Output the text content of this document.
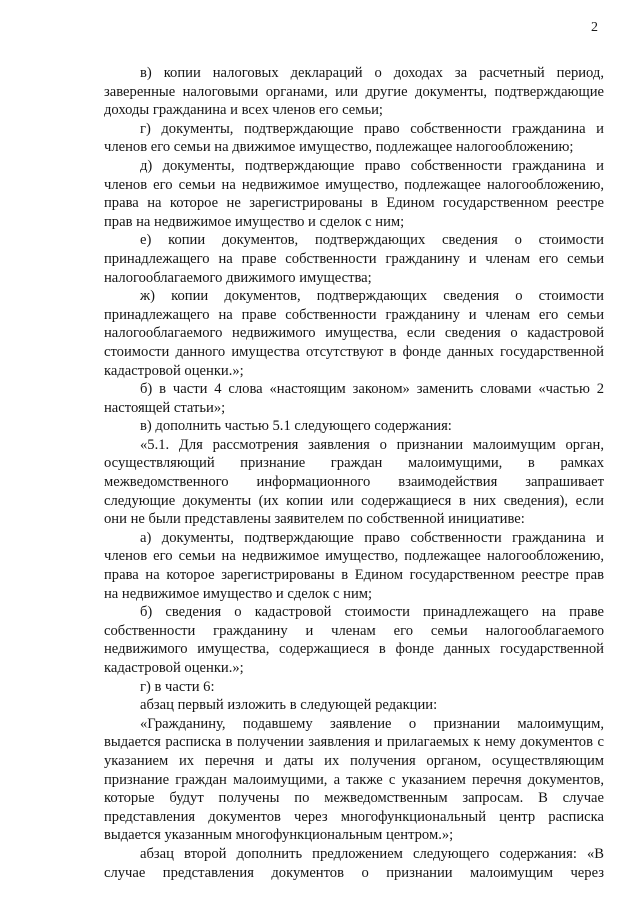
2
в) копии налоговых деклараций о доходах за расчетный период,
заверенные налоговыми органами, или другие документы, подтверждающие
доходы гражданина и всех членов его семьи;
г) документы, подтверждающие право собственности гражданина и
членов его семьи на движимое имущество, подлежащее налогообложению;
д) документы, подтверждающие право собственности гражданина и
членов его семьи на недвижимое имущество, подлежащее налогообложению,
права на которое не зарегистрированы в Едином государственном реестре
прав на недвижимое имущество и сделок с ним;
е) копии документов, подтверждающих сведения о стоимости
принадлежащего на праве собственности гражданину и членам его семьи
налогооблагаемого движимого имущества;
ж) копии документов, подтверждающих сведения о стоимости
принадлежащего на праве собственности гражданину и членам его семьи
налогооблагаемого недвижимого имущества, если сведения о кадастровой
стоимости данного имущества отсутствуют в фонде данных государственной
кадастровой оценки.»;
б) в части 4 слова «настоящим законом» заменить словами «частью 2
настоящей статьи»;
в) дополнить частью 5.1 следующего содержания:
«5.1. Для рассмотрения заявления о признании малоимущим орган,
осуществляющий признание граждан малоимущими, в рамках
межведомственного информационного взаимодействия запрашивает
следующие документы (их копии или содержащиеся в них сведения), если
они не были представлены заявителем по собственной инициативе:
а) документы, подтверждающие право собственности гражданина и
членов его семьи на недвижимое имущество, подлежащее налогообложению,
права на которое зарегистрированы в Едином государственном реестре прав
на недвижимое имущество и сделок с ним;
б) сведения о кадастровой стоимости принадлежащего на праве
собственности гражданину и членам его семьи налогооблагаемого
недвижимого имущества, содержащиеся в фонде данных государственной
кадастровой оценки.»;
г) в части 6:
абзац первый изложить в следующей редакции:
«Гражданину, подавшему заявление о признании малоимущим,
выдается расписка в получении заявления и прилагаемых к нему документов с
указанием их перечня и даты их получения органом, осуществляющим
признание граждан малоимущими, а также с указанием перечня документов,
которые будут получены по межведомственным запросам. В случае
представления документов через многофункциональный центр расписка
выдается указанным многофункциональным центром.»;
абзац второй дополнить предложением следующего содержания: «В
случае представления документов о признании малоимущим через
